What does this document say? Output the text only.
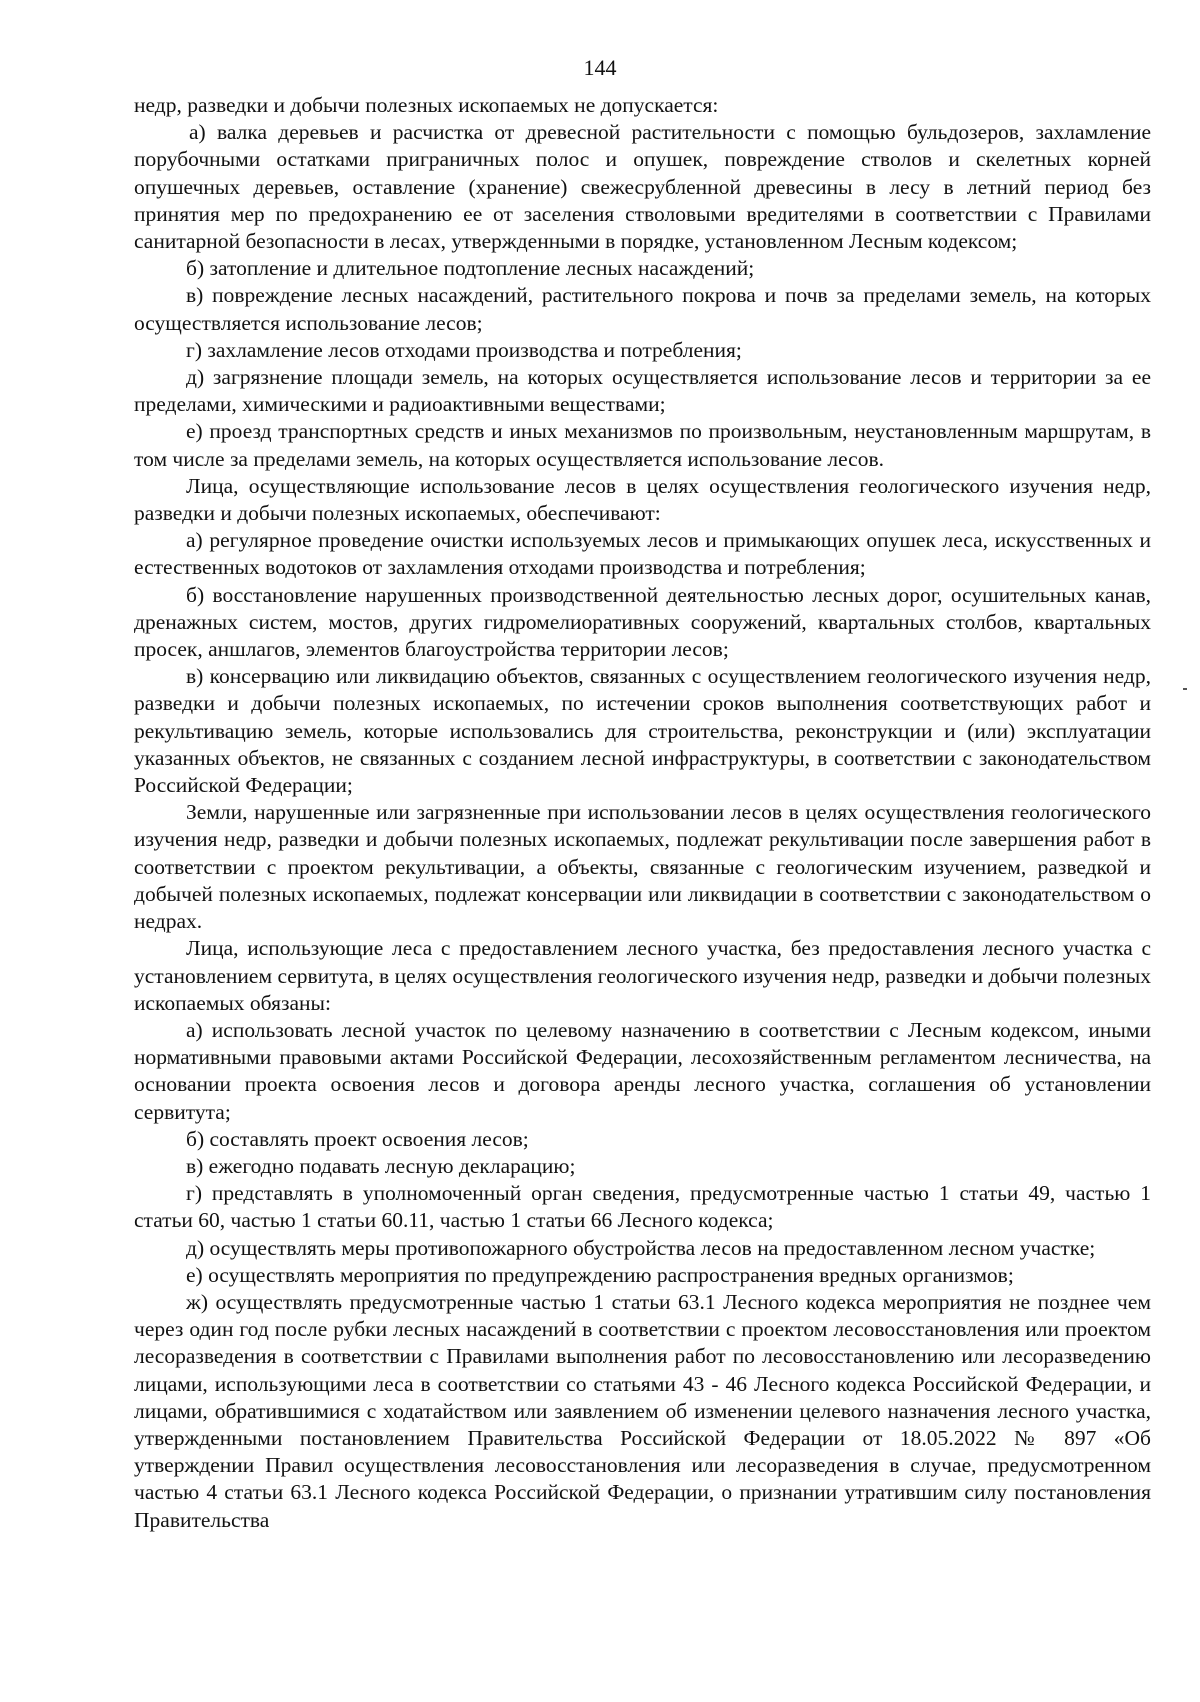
144

недр, разведки и добычи полезных ископаемых не допускается:

а) валка деревьев и расчистка от древесной растительности с помощью бульдозеров, захламление порубочными остатками приграничных полос и опушек, повреждение стволов и скелетных корней опушечных деревьев, оставление (хранение) свежесрубленной древесины в лесу в летний период без принятия мер по предохранению ее от заселения стволовыми вредителями в соответствии с Правилами санитарной безопасности в лесах, утвержденными в порядке, установленном Лесным кодексом;

б) затопление и длительное подтопление лесных насаждений;

в) повреждение лесных насаждений, растительного покрова и почв за пределами земель, на которых осуществляется использование лесов;

г) захламление лесов отходами производства и потребления;

д) загрязнение площади земель, на которых осуществляется использование лесов и территории за ее пределами, химическими и радиоактивными веществами;

е) проезд транспортных средств и иных механизмов по произвольным, неустановленным маршрутам, в том числе за пределами земель, на которых осуществляется использование лесов.

Лица, осуществляющие использование лесов в целях осуществления геологического изучения недр, разведки и добычи полезных ископаемых, обеспечивают:

а) регулярное проведение очистки используемых лесов и примыкающих опушек леса, искусственных и естественных водотоков от захламления отходами производства и потребления;

б) восстановление нарушенных производственной деятельностью лесных дорог, осушительных канав, дренажных систем, мостов, других гидромелиоративных сооружений, квартальных столбов, квартальных просек, аншлагов, элементов благоустройства территории лесов;

в) консервацию или ликвидацию объектов, связанных с осуществлением геологического изучения недр, разведки и добычи полезных ископаемых, по истечении сроков выполнения соответствующих работ и рекультивацию земель, которые использовались для строительства, реконструкции и (или) эксплуатации указанных объектов, не связанных с созданием лесной инфраструктуры, в соответствии с законодательством Российской Федерации;

Земли, нарушенные или загрязненные при использовании лесов в целях осуществления геологического изучения недр, разведки и добычи полезных ископаемых, подлежат рекультивации после завершения работ в соответствии с проектом рекультивации, а объекты, связанные с геологическим изучением, разведкой и добычей полезных ископаемых, подлежат консервации или ликвидации в соответствии с законодательством о недрах.

Лица, использующие леса с предоставлением лесного участка, без предоставления лесного участка с установлением сервитута, в целях осуществления геологического изучения недр, разведки и добычи полезных ископаемых обязаны:

а) использовать лесной участок по целевому назначению в соответствии с Лесным кодексом, иными нормативными правовыми актами Российской Федерации, лесохозяйственным регламентом лесничества, на основании проекта освоения лесов и договора аренды лесного участка, соглашения об установлении сервитута;

б) составлять проект освоения лесов;

в) ежегодно подавать лесную декларацию;

г) представлять в уполномоченный орган сведения, предусмотренные частью 1 статьи 49, частью 1 статьи 60, частью 1 статьи 60.11, частью 1 статьи 66 Лесного кодекса;

д) осуществлять меры противопожарного обустройства лесов на предоставленном лесном участке;

е) осуществлять мероприятия по предупреждению распространения вредных организмов;

ж) осуществлять предусмотренные частью 1 статьи 63.1 Лесного кодекса мероприятия не позднее чем через один год после рубки лесных насаждений в соответствии с проектом лесовосстановления или проектом лесоразведения в соответствии с Правилами выполнения работ по лесовосстановлению или лесоразведению лицами, использующими леса в соответствии со статьями 43 - 46 Лесного кодекса Российской Федерации, и лицами, обратившимися с ходатайством или заявлением об изменении целевого назначения лесного участка, утвержденными постановлением Правительства Российской Федерации от 18.05.2022 № 897 «Об утверждении Правил осуществления лесовосстановления или лесоразведения в случае, предусмотренном частью 4 статьи 63.1 Лесного кодекса Российской Федерации, о признании утратившим силу постановления Правительства
